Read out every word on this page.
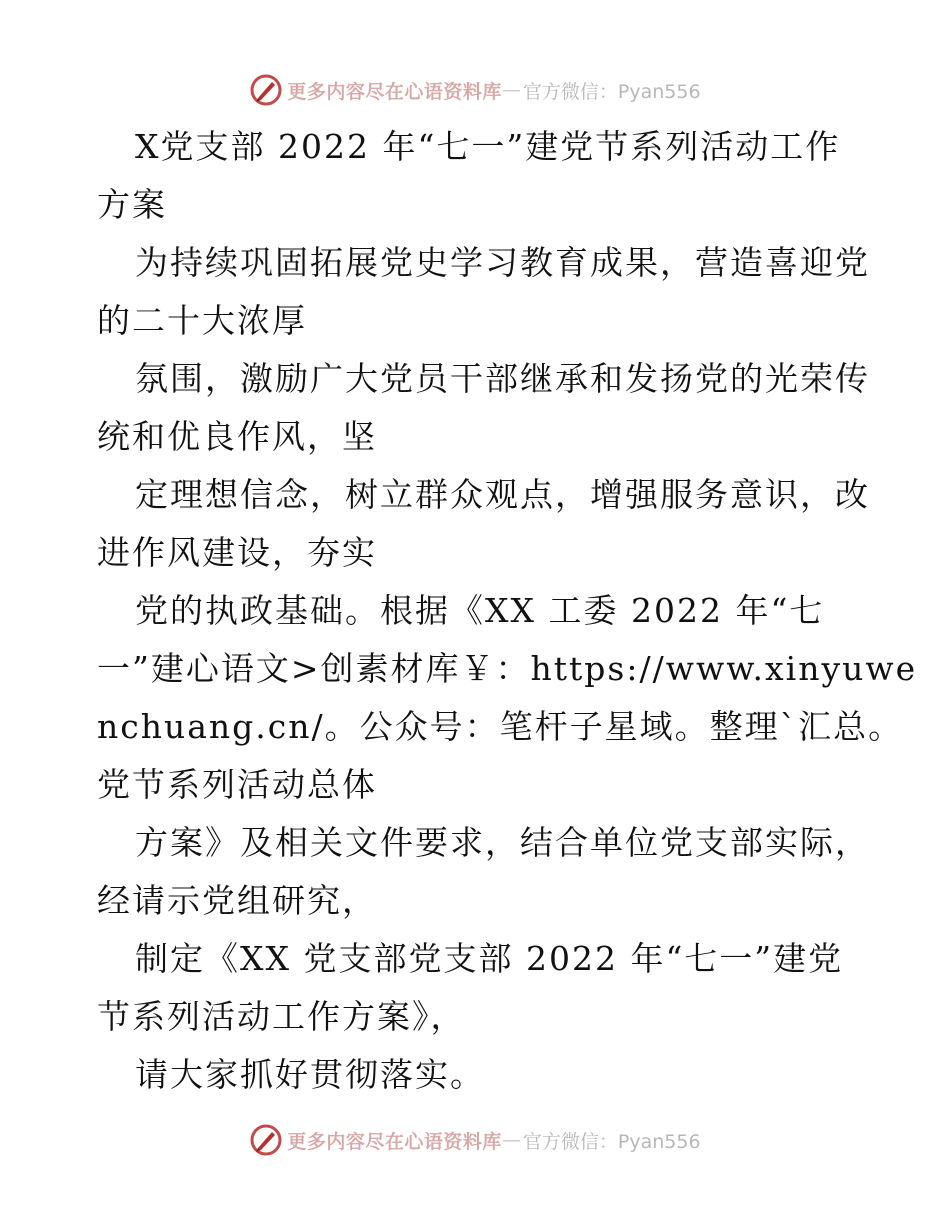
更多内容尽在心语资料库 — 官方微信：Pyan556
X党支部 2022 年“七一”建党节系列活动工作
方案
为持续巩固拓展党史学习教育成果，营造喜迎党
的二十大浓厚
氛围，激励广大党员干部继承和发扬党的光荣传
统和优良作风，坚
定理想信念，树立群众观点，增强服务意识，改
进作风建设，夯实
党的执政基础。根据《XX 工委 2022 年“七
一”建心语文>创素材库￥：https://www.xinyuwe
nchuang.cn/。公众号：笔杆子星域。整理`汇总。
党节系列活动总体
方案》及相关文件要求，结合单位党支部实际，
经请示党组研究，
制定《XX 党支部党支部 2022 年“七一”建党
节系列活动工作方案》，
请大家抓好贯彻落实。
更多内容尽在心语资料库 — 官方微信：Pyan556
